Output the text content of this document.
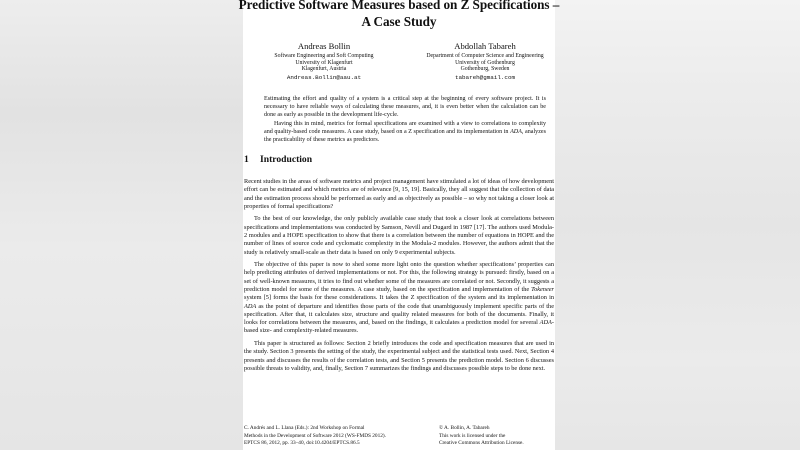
Predictive Software Measures based on Z Specifications –
A Case Study
Andreas Bollin
Software Engineering and Soft Computing
University of Klagenfurt
Klagenfurt, Austria
Andreas.Bollin@aau.at
Abdollah Tabareh
Department of Computer Science and Engineering
University of Gothenburg
Gothenburg, Sweden
tabareh@gmail.com

Estimating the effort and quality of a system is a critical step at the beginning of every software project. It is necessary to have reliable ways of calculating these measures, and, it is even better when the calculation can be done as early as possible in the development life-cycle.

Having this in mind, metrics for formal specifications are examined with a view to correlations to complexity and quality-based code measures. A case study, based on a Z specification and its implementation in ADA, analyzes the practicability of these metrics as predictors.

1 Introduction

Recent studies in the areas of software metrics and project management have stimulated a lot of ideas of how development effort can be estimated and which metrics are of relevance [9, 15, 19]. Basically, they all suggest that the collection of data and the estimation process should be performed as early and as objectively as possible – so why not taking a closer look at properties of formal specifications?

To the best of our knowledge, the only publicly available case study that took a closer look at correlations between specifications and implementations was conducted by Samson, Nevill and Dugard in 1987 [17]. The authors used Modula-2 modules and a HOPE specification to show that there is a correlation between the number of equations in HOPE and the number of lines of source code and cyclomatic complexity in the Modula-2 modules. However, the authors admit that the study is relatively small-scale as their data is based on only 9 experimental subjects.

The objective of this paper is now to shed some more light onto the question whether specifications’ properties can help predicting attributes of derived implementations or not. For this, the following strategy is pursued: firstly, based on a set of well-known measures, it tries to find out whether some of the measures are correlated or not. Secondly, it suggests a prediction model for some of the measures. A case study, based on the specification and implementation of the Tokeneer system [5] forms the basis for these considerations. It takes the Z specification of the system and its implementation in ADA as the point of departure and identifies those parts of the code that unambiguously implement specific parts of the specification. After that, it calculates size, structure and quality related measures for both of the documents. Finally, it looks for correlations between the measures, and, based on the findings, it calculates a prediction model for several ADA-based size- and complexity-related measures.

This paper is structured as follows: Section 2 briefly introduces the code and specification measures that are used in the study. Section 3 presents the setting of the study, the experimental subject and the statistical tests used. Next, Section 4 presents and discusses the results of the correlation tests, and Section 5 presents the prediction model. Section 6 discusses possible threats to validity, and, finally, Section 7 summarizes the findings and discusses possible steps to be done next.

C. Andrés and L. Llana (Eds.): 2nd Workshop on Formal
Methods in the Development of Software 2012 (WS-FMDS 2012).
EPTCS 86, 2012, pp. 33–40, doi:10.4204/EPTCS.86.5
© A. Bollin, A. Tabareh
This work is licensed under the
Creative Commons Attribution License.
